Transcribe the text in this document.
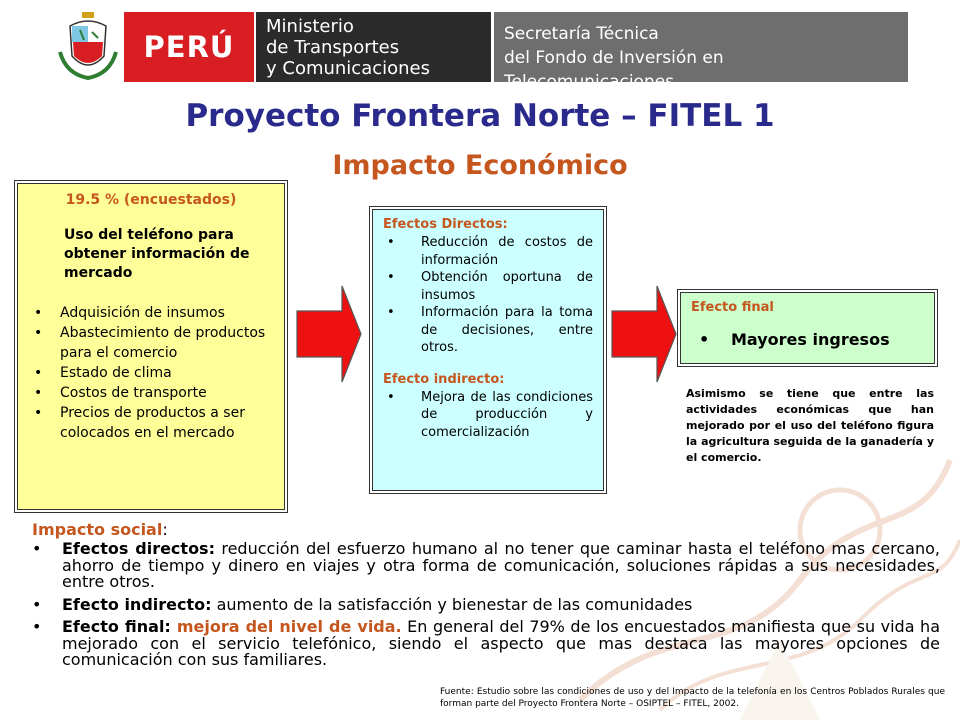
PERÚ
Ministerio
de Transportes
y Comunicaciones
Secretaría Técnica
del Fondo de Inversión en Telecomunicaciones
Proyecto Frontera Norte – FITEL 1
Impacto Económico
19.5 % (encuestados)
Uso del teléfono para obtener información de mercado
• Adquisición de insumos
• Abastecimiento de productos para el comercio
• Estado de clima
• Costos de transporte
• Precios de productos a ser colocados en el mercado
Efectos Directos:
• Reducción de costos de información
• Obtención oportuna de insumos
• Información para la toma de decisiones, entre otros.
Efecto indirecto:
• Mejora de las condiciones de producción y comercialización
Efecto final
• Mayores ingresos
Asimismo se tiene que entre las actividades económicas que han mejorado por el uso del teléfono figura la agricultura seguida de la ganadería y el comercio.
Impacto social:
• Efectos directos: reducción del esfuerzo humano al no tener que caminar hasta el teléfono mas cercano, ahorro de tiempo y dinero en viajes y otra forma de comunicación, soluciones rápidas a sus necesidades, entre otros.
• Efecto indirecto: aumento de la satisfacción y bienestar de las comunidades
• Efecto final: mejora del nivel de vida. En general del 79% de los encuestados manifiesta que su vida ha mejorado con el servicio telefónico, siendo el aspecto que mas destaca las mayores opciones de comunicación con sus familiares.
Fuente: Estudio sobre las condiciones de uso y del Impacto de la telefonía en los Centros Poblados Rurales que forman parte del Proyecto Frontera Norte – OSIPTEL – FITEL, 2002.
